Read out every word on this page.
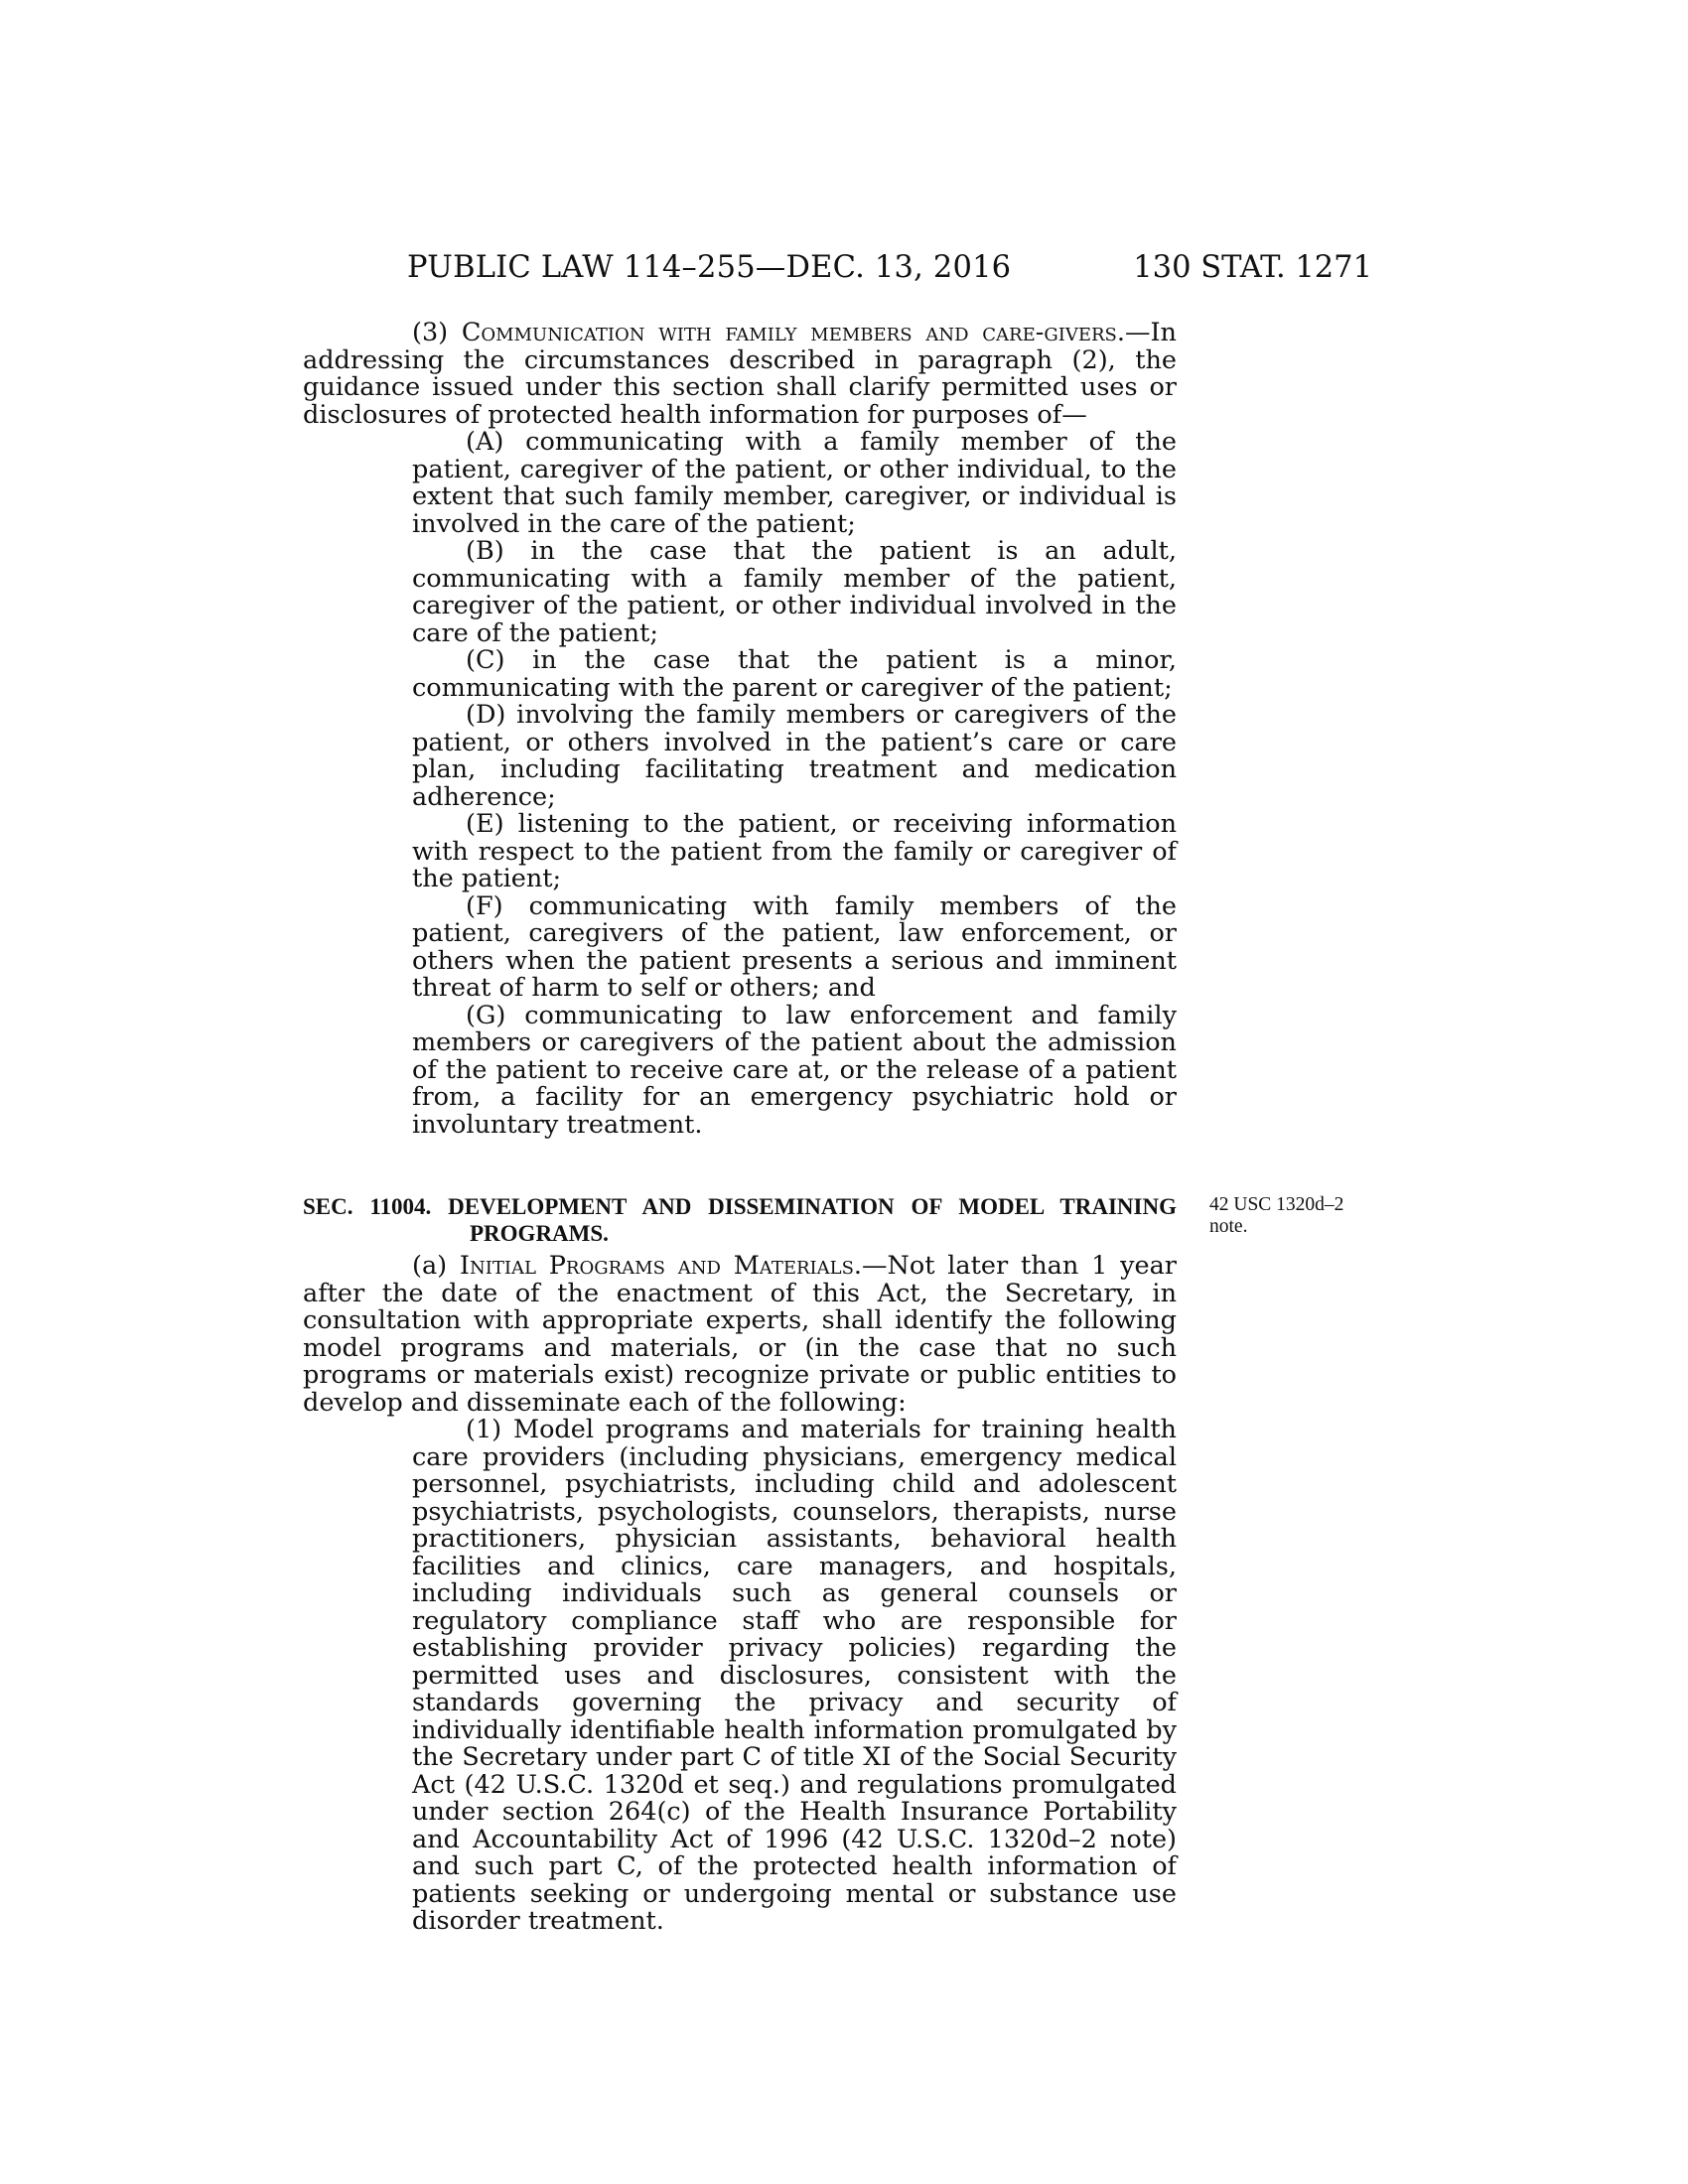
PUBLIC LAW 114–255—DEC. 13, 2016	130 STAT. 1271

(3) Communication with family members and care-givers.—In addressing the circumstances described in paragraph (2), the guidance issued under this section shall clarify permitted uses or disclosures of protected health information for purposes of—

(A) communicating with a family member of the patient, caregiver of the patient, or other individual, to the extent that such family member, caregiver, or individual is involved in the care of the patient;

(B) in the case that the patient is an adult, communicating with a family member of the patient, caregiver of the patient, or other individual involved in the care of the patient;

(C) in the case that the patient is a minor, communicating with the parent or caregiver of the patient;

(D) involving the family members or caregivers of the patient, or others involved in the patient’s care or care plan, including facilitating treatment and medication adherence;

(E) listening to the patient, or receiving information with respect to the patient from the family or caregiver of the patient;

(F) communicating with family members of the patient, caregivers of the patient, law enforcement, or others when the patient presents a serious and imminent threat of harm to self or others; and

(G) communicating to law enforcement and family members or caregivers of the patient about the admission of the patient to receive care at, or the release of a patient from, a facility for an emergency psychiatric hold or involuntary treatment.

SEC. 11004. DEVELOPMENT AND DISSEMINATION OF MODEL TRAINING
PROGRAMS.
42 USC 1320d–2
note.

(a) Initial Programs and Materials.—Not later than 1 year after the date of the enactment of this Act, the Secretary, in consultation with appropriate experts, shall identify the following model programs and materials, or (in the case that no such programs or materials exist) recognize private or public entities to develop and disseminate each of the following:

(1) Model programs and materials for training health care providers (including physicians, emergency medical personnel, psychiatrists, including child and adolescent psychiatrists, psychologists, counselors, therapists, nurse practitioners, physician assistants, behavioral health facilities and clinics, care managers, and hospitals, including individuals such as general counsels or regulatory compliance staff who are responsible for establishing provider privacy policies) regarding the permitted uses and disclosures, consistent with the standards governing the privacy and security of individually identifiable health information promulgated by the Secretary under part C of title XI of the Social Security Act (42 U.S.C. 1320d et seq.) and regulations promulgated under section 264(c) of the Health Insurance Portability and Accountability Act of 1996 (42 U.S.C. 1320d–2 note) and such part C, of the protected health information of patients seeking or undergoing mental or substance use disorder treatment.
